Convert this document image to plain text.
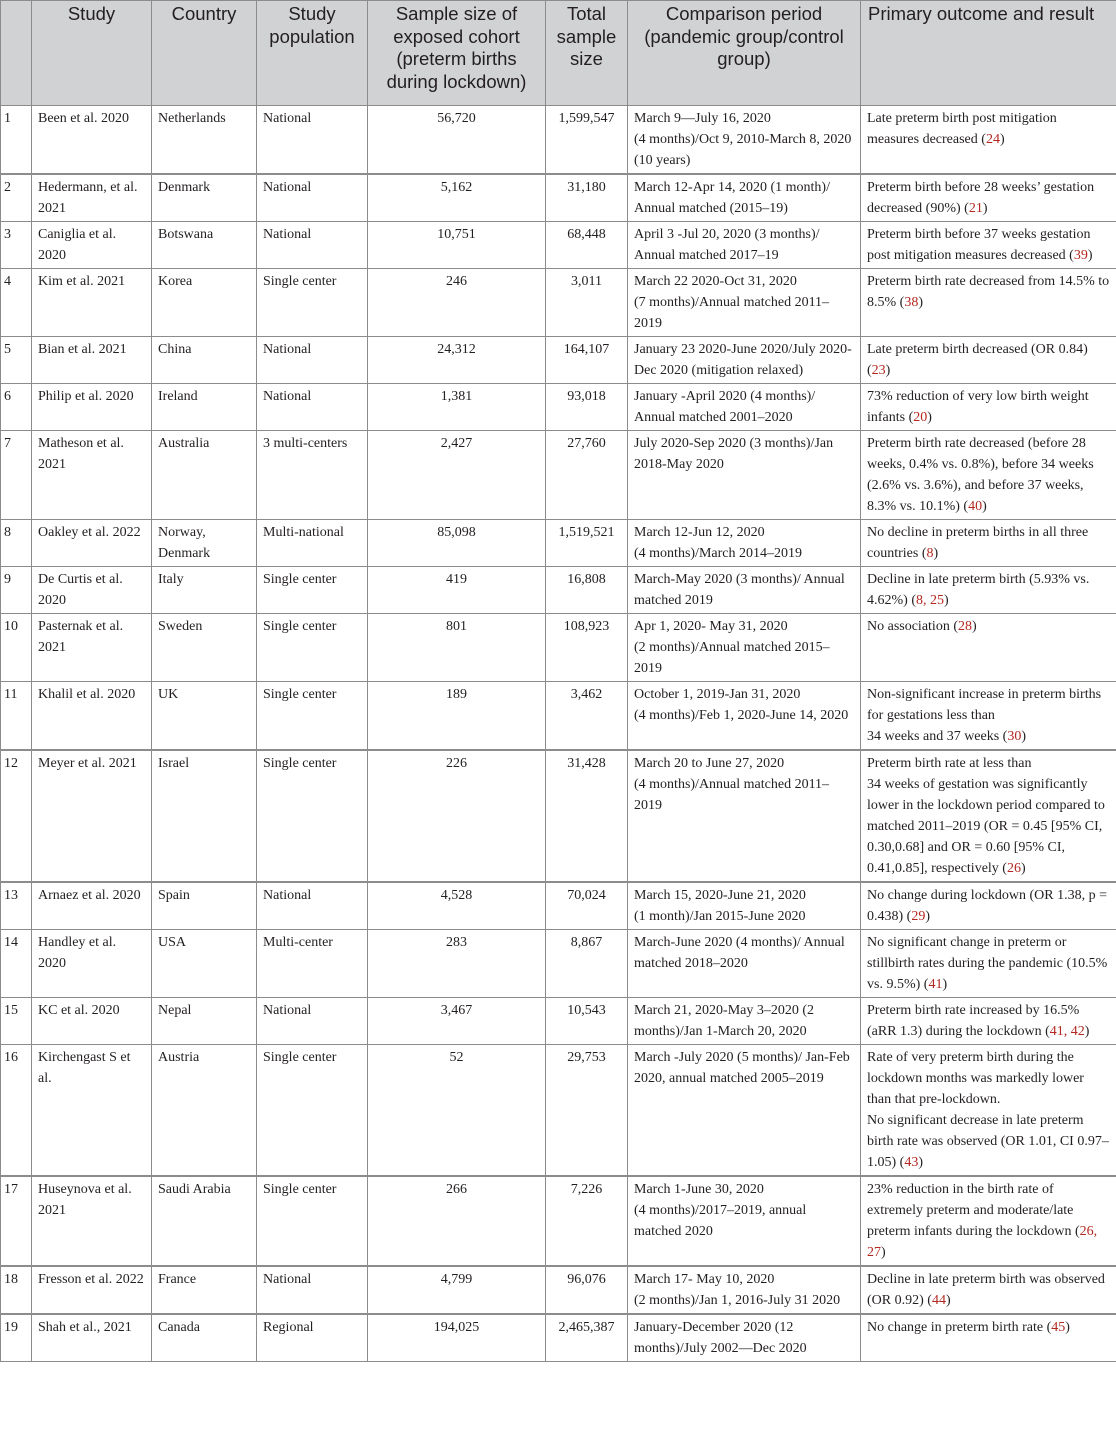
	Study	Country	Study population	Sample size of exposed cohort (preterm births during lockdown)	Total sample size	Comparison period (pandemic group/control group)	Primary outcome and result
1	Been et al. 2020	Netherlands	National	56,720	1,599,547	March 9—July 16, 2020
(4 months)/Oct 9, 2010-March 8, 2020 (10 years)	Late preterm birth post mitigation measures decreased (24)
2	Hedermann, et al. 2021	Denmark	National	5,162	31,180	March 12-Apr 14, 2020 (1 month)/ Annual matched (2015–19)	Preterm birth before 28 weeks’ gestation decreased (90%) (21)
3	Caniglia et al. 2020	Botswana	National	10,751	68,448	April 3 -Jul 20, 2020 (3 months)/ Annual matched 2017–19	Preterm birth before 37 weeks gestation post mitigation measures decreased (39)
4	Kim et al. 2021	Korea	Single center	246	3,011	March 22 2020-Oct 31, 2020
(7 months)/Annual matched 2011–2019	Preterm birth rate decreased from 14.5% to 8.5% (38)
5	Bian et al. 2021	China	National	24,312	164,107	January 23 2020-June 2020/July 2020-Dec 2020 (mitigation relaxed)	Late preterm birth decreased (OR 0.84) (23)
6	Philip et al. 2020	Ireland	National	1,381	93,018	January -April 2020 (4 months)/ Annual matched 2001–2020	73% reduction of very low birth weight infants (20)
7	Matheson et al. 2021	Australia	3 multi-centers	2,427	27,760	July 2020-Sep 2020 (3 months)/Jan 2018-May 2020	Preterm birth rate decreased (before 28 weeks, 0.4% vs. 0.8%), before 34 weeks (2.6% vs. 3.6%), and before 37 weeks, 8.3% vs. 10.1%) (40)
8	Oakley et al. 2022	Norway, Denmark	Multi-national	85,098	1,519,521	March 12-Jun 12, 2020
(4 months)/March 2014–2019	No decline in preterm births in all three countries (8)
9	De Curtis et al. 2020	Italy	Single center	419	16,808	March-May 2020 (3 months)/ Annual matched 2019	Decline in late preterm birth (5.93% vs. 4.62%) (8, 25)
10	Pasternak et al. 2021	Sweden	Single center	801	108,923	Apr 1, 2020- May 31, 2020
(2 months)/Annual matched 2015–2019	No association (28)
11	Khalil et al. 2020	UK	Single center	189	3,462	October 1, 2019-Jan 31, 2020
(4 months)/Feb 1, 2020-June 14, 2020	Non-significant increase in preterm births for gestations less than
34 weeks and 37 weeks (30)
12	Meyer et al. 2021	Israel	Single center	226	31,428	March 20 to June 27, 2020
(4 months)/Annual matched 2011–2019	Preterm birth rate at less than
34 weeks of gestation was significantly lower in the lockdown period compared to matched 2011–2019 (OR = 0.45 [95% CI, 0.30,0.68] and OR = 0.60 [95% CI, 0.41,0.85], respectively (26)
13	Arnaez et al. 2020	Spain	National	4,528	70,024	March 15, 2020-June 21, 2020
(1 month)/Jan 2015-June 2020	No change during lockdown (OR 1.38, p = 0.438) (29)
14	Handley et al. 2020	USA	Multi-center	283	8,867	March-June 2020 (4 months)/ Annual matched 2018–2020	No significant change in preterm or stillbirth rates during the pandemic (10.5% vs. 9.5%) (41)
15	KC et al. 2020	Nepal	National	3,467	10,543	March 21, 2020-May 3–2020 (2 months)/Jan 1-March 20, 2020	Preterm birth rate increased by 16.5% (aRR 1.3) during the lockdown (41, 42)
16	Kirchengast S et al.	Austria	Single center	52	29,753	March -July 2020 (5 months)/ Jan-Feb 2020, annual matched 2005–2019	Rate of very preterm birth during the lockdown months was markedly lower than that pre-lockdown.
No significant decrease in late preterm birth rate was observed (OR 1.01, CI 0.97–1.05) (43)
17	Huseynova et al. 2021	Saudi Arabia	Single center	266	7,226	March 1-June 30, 2020
(4 months)/2017–2019, annual matched 2020	23% reduction in the birth rate of extremely preterm and moderate/late preterm infants during the lockdown (26, 27)
18	Fresson et al. 2022	France	National	4,799	96,076	March 17- May 10, 2020
(2 months)/Jan 1, 2016-July 31 2020	Decline in late preterm birth was observed (OR 0.92) (44)
19	Shah et al., 2021	Canada	Regional	194,025	2,465,387	January-December 2020 (12 months)/July 2002—Dec 2020	No change in preterm birth rate (45)
